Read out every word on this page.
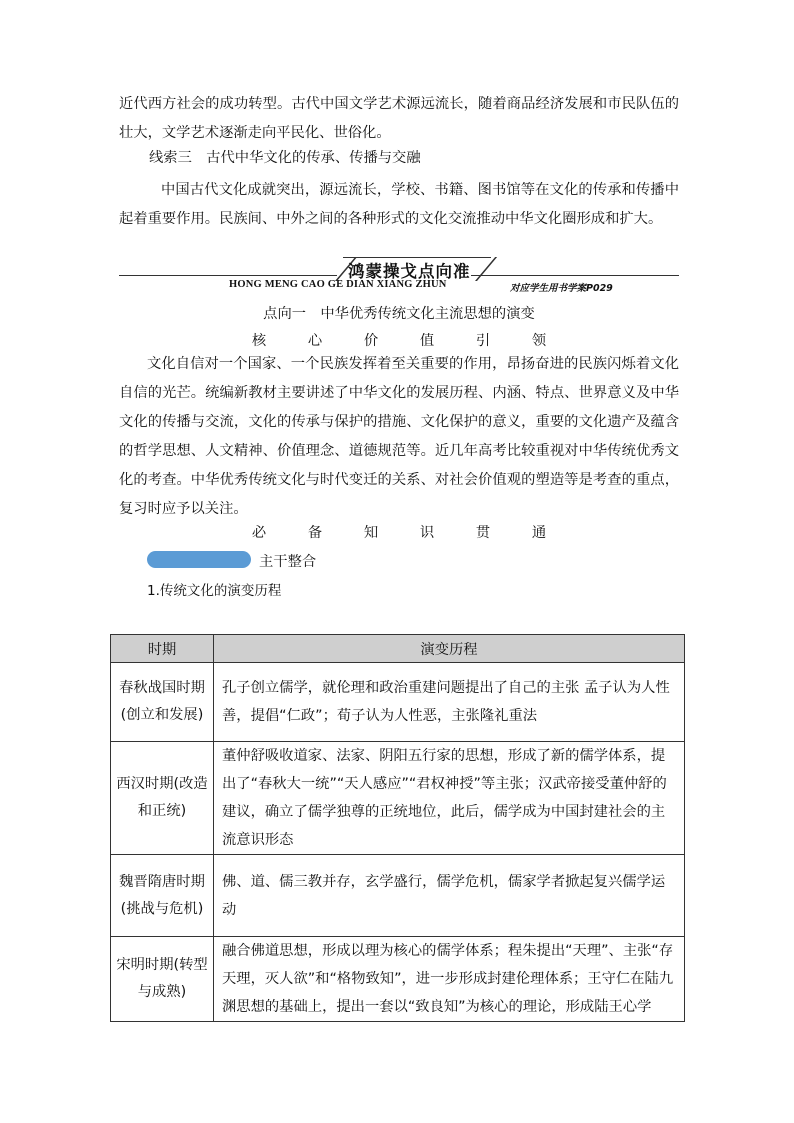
近代西方社会的成功转型。古代中国文学艺术源远流长，随着商品经济发展和市民队伍的壮大，文学艺术逐渐走向平民化、世俗化。

线索三　古代中华文化的传承、传播与交融

中国古代文化成就突出，源远流长，学校、书籍、图书馆等在文化的传承和传播中起着重要作用。民族间、中外之间的各种形式的文化交流推动中华文化圈形成和扩大。

鸿蒙操戈点向准
HONG MENG CAO GE DIAN XIANG ZHUN	对应学生用书学案P029
点向一　中华优秀传统文化主流思想的演变
核	心	价	值	引	领

文化自信对一个国家、一个民族发挥着至关重要的作用，昂扬奋进的民族闪烁着文化自信的光芒。统编新教材主要讲述了中华文化的发展历程、内涵、特点、世界意义及中华文化的传播与交流，文化的传承与保护的措施、文化保护的意义，重要的文化遗产及蕴含的哲学思想、人文精神、价值理念、道德规范等。近几年高考比较重视对中华传统优秀文化的考查。中华优秀传统文化与时代变迁的关系、对社会价值观的塑造等是考查的重点，复习时应予以关注。

必	备	知	识	贯	通
主干整合
1.传统文化的演变历程
时期	演变历程
春秋战国时期(创立和发展)	孔子创立儒学，就伦理和政治重建问题提出了自己的主张 孟子认为人性善，提倡“仁政”；荀子认为人性恶，主张隆礼重法
西汉时期(改造和正统)	董仲舒吸收道家、法家、阴阳五行家的思想，形成了新的儒学体系，提出了“春秋大一统”“天人感应”“君权神授”等主张；汉武帝接受董仲舒的建议，确立了儒学独尊的正统地位，此后，儒学成为中国封建社会的主流意识形态
魏晋隋唐时期(挑战与危机)	佛、道、儒三教并存，玄学盛行，儒学危机，儒家学者掀起复兴儒学运动
宋明时期(转型与成熟)	融合佛道思想，形成以理为核心的儒学体系；程朱提出“天理”、主张“存天理，灭人欲”和“格物致知”，进一步形成封建伦理体系；王守仁在陆九渊思想的基础上，提出一套以“致良知”为核心的理论，形成陆王心学
